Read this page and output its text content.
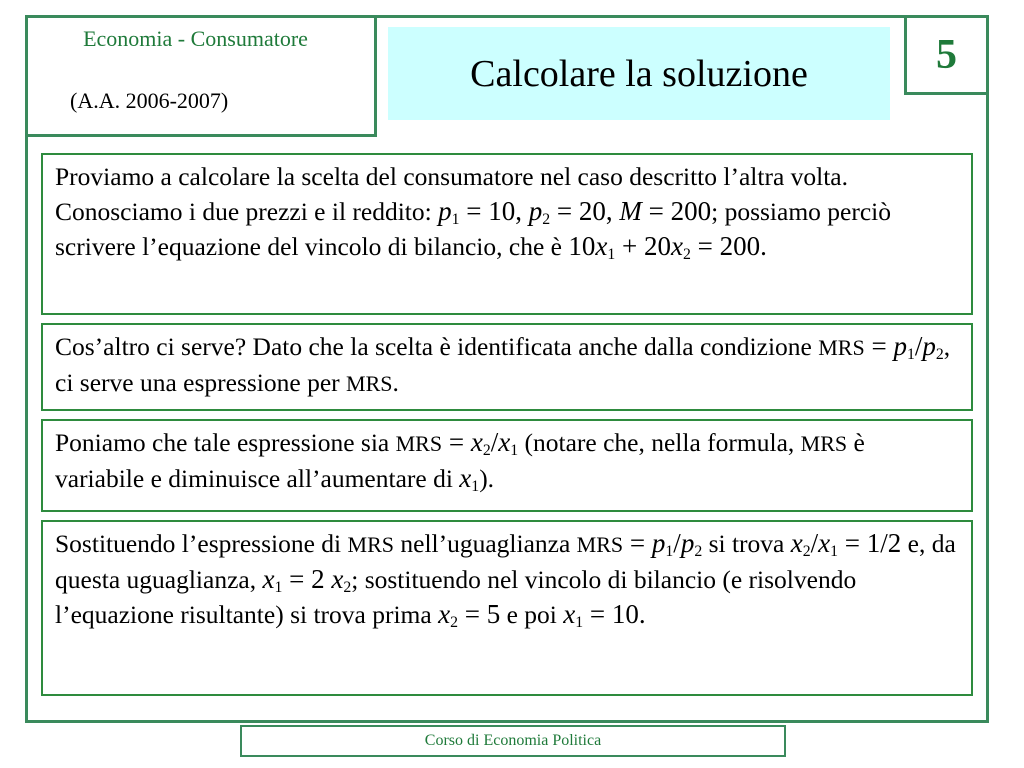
Economia - Consumatore
(A.A. 2006-2007)
Calcolare la soluzione	5
Proviamo a calcolare la scelta del consumatore nel caso descritto l’altra volta. Conosciamo i due prezzi e il reddito: $p_1 = 10$, $p_2 = 20$, M = 200; possiamo perciò scrivere l’equazione del vincolo di bilancio, che è $10x_1 + 20x_2 = 200$.
Cos’altro ci serve? Dato che la scelta è identificata anche dalla condizione MRS = $p_1/p_2$, ci serve una espressione per MRS.
Poniamo che tale espressione sia MRS = $x_2/x_1$ (notare che, nella formula, MRS è variabile e diminuisce all’aumentare di $x_1$).
Sostituendo l’espressione di MRS nell’uguaglianza MRS = $p_1/p_2$ si trova $x_2/x_1 = 1/2$ e, da questa uguaglianza, $x_1 = 2$ $x_2$; sostituendo nel vincolo di bilancio (e risolvendo l’equazione risultante) si trova prima $x_2 = 5$ e poi $x_1 = 10$.
Corso di Economia Politica
